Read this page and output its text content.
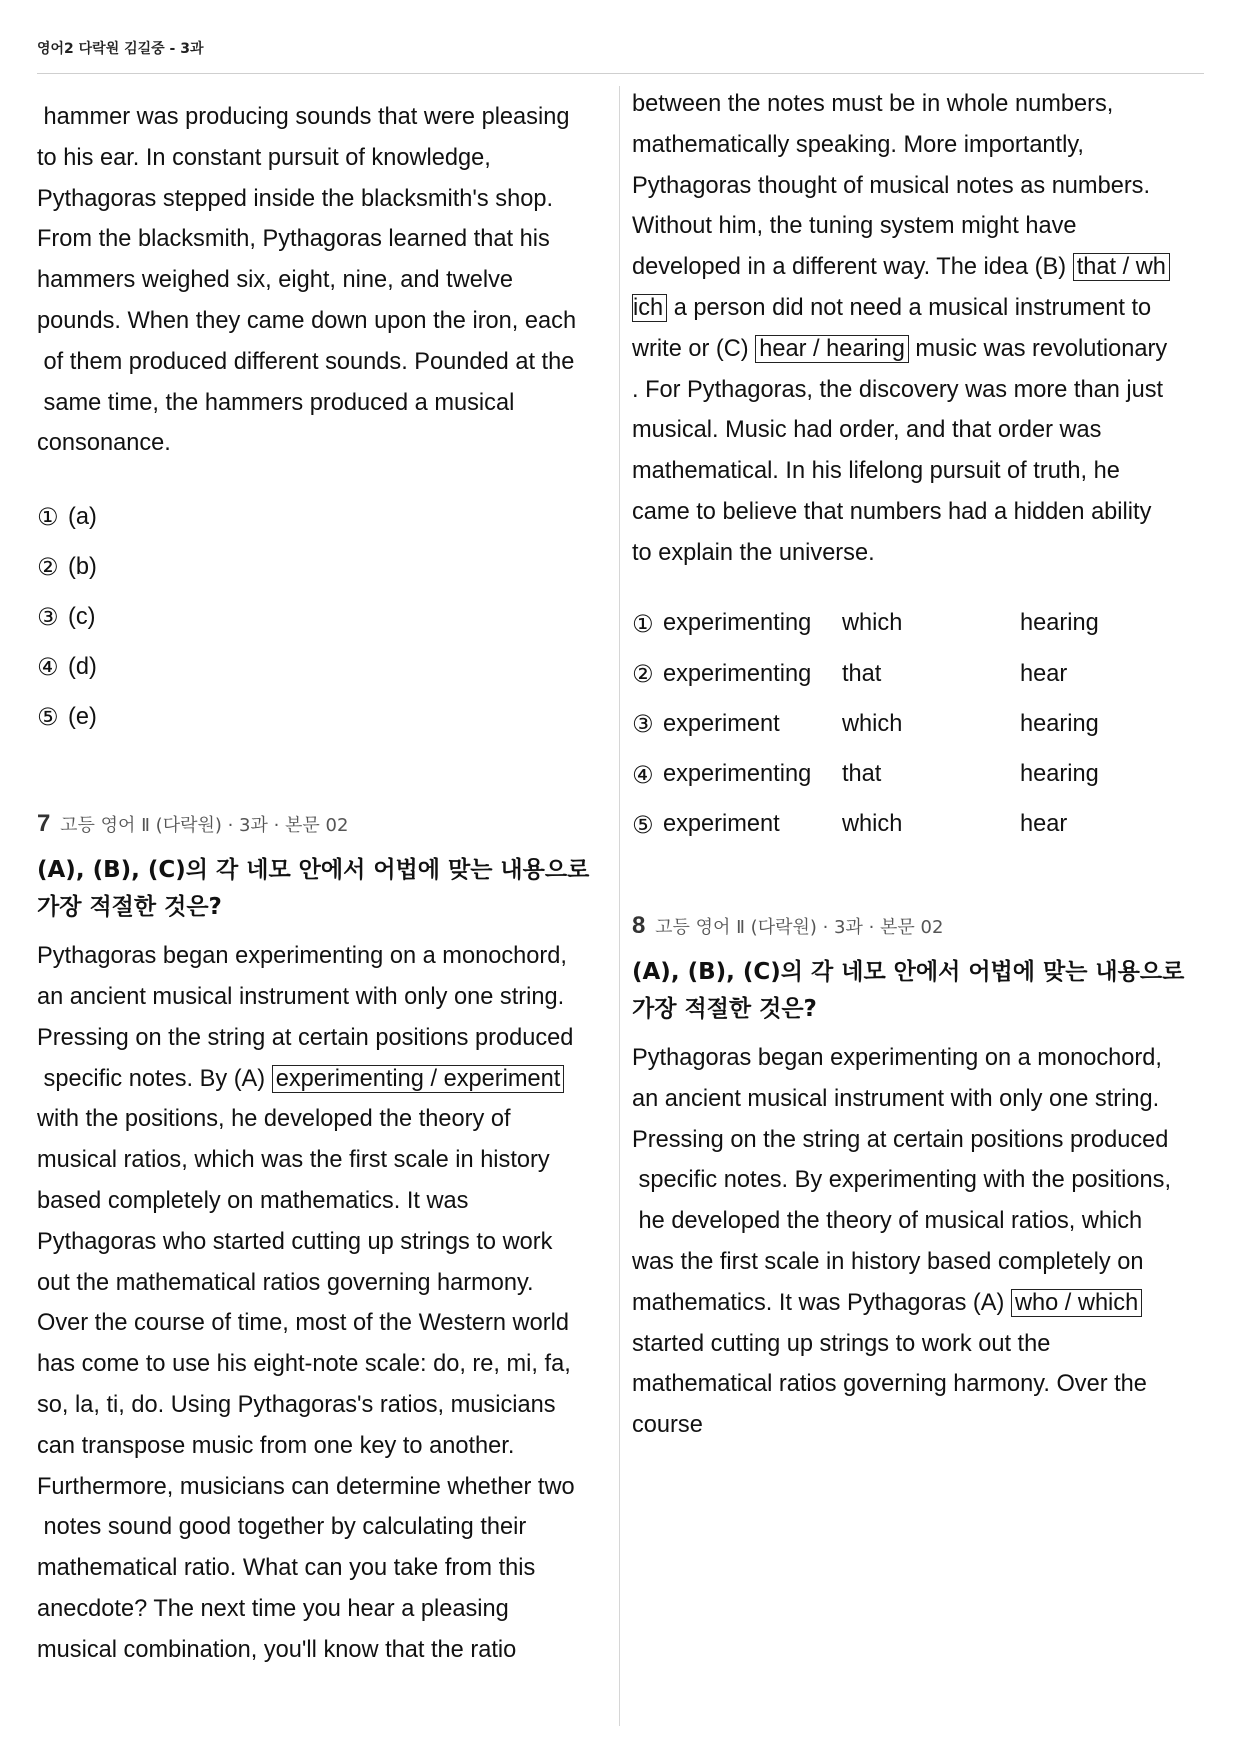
영어2 다락원 김길중 - 3과

hammer was producing sounds that were pleasing
to his ear. In constant pursuit of knowledge,
Pythagoras stepped inside the blacksmith's shop.
From the blacksmith, Pythagoras learned that his
hammers weighed six, eight, nine, and twelve
pounds. When they came down upon the iron, each
of them produced different sounds. Pounded at the
same time, the hammers produced a musical
consonance.

① (a)
② (b)
③ (c)
④ (d)
⑤ (e)

7 고등 영어 Ⅱ (다락원) · 3과 · 본문 02

(A), (B), (C)의 각 네모 안에서 어법에 맞는 내용으로
가장 적절한 것은?

Pythagoras began experimenting on a monochord,
an ancient musical instrument with only one string.
Pressing on the string at certain positions produced
specific notes. By (A) experimenting / experiment
with the positions, he developed the theory of
musical ratios, which was the first scale in history
based completely on mathematics. It was
Pythagoras who started cutting up strings to work
out the mathematical ratios governing harmony.
Over the course of time, most of the Western world
has come to use his eight-note scale: do, re, mi, fa,
so, la, ti, do. Using Pythagoras's ratios, musicians
can transpose music from one key to another.
Furthermore, musicians can determine whether two
notes sound good together by calculating their
mathematical ratio. What can you take from this
anecdote? The next time you hear a pleasing
musical combination, you'll know that the ratio

between the notes must be in whole numbers,
mathematically speaking. More importantly,
Pythagoras thought of musical notes as numbers.
Without him, the tuning system might have
developed in a different way. The idea (B) that / wh
ich a person did not need a musical instrument to
write or (C) hear / hearing music was revolutionary
. For Pythagoras, the discovery was more than just
musical. Music had order, and that order was
mathematical. In his lifelong pursuit of truth, he
came to believe that numbers had a hidden ability
to explain the universe.

① experimenting	which	hearing
② experimenting	that	hear
③ experiment	which	hearing
④ experimenting	that	hearing
⑤ experiment	which	hear

8 고등 영어 Ⅱ (다락원) · 3과 · 본문 02

(A), (B), (C)의 각 네모 안에서 어법에 맞는 내용으로
가장 적절한 것은?

Pythagoras began experimenting on a monochord,
an ancient musical instrument with only one string.
Pressing on the string at certain positions produced
specific notes. By experimenting with the positions,
he developed the theory of musical ratios, which
was the first scale in history based completely on
mathematics. It was Pythagoras (A) who / which
started cutting up strings to work out the
mathematical ratios governing harmony. Over the
course
